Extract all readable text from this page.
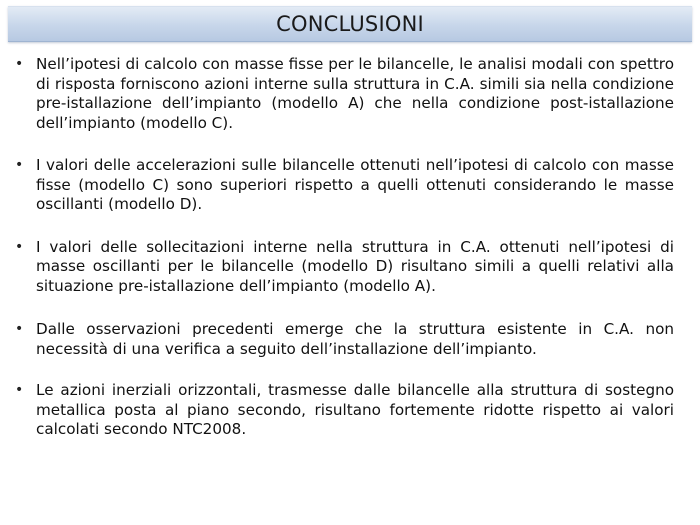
CONCLUSIONI
• Nell’ipotesi di calcolo con masse fisse per le bilancelle, le analisi modali con spettro di risposta forniscono azioni interne sulla struttura in C.A. simili sia nella condizione pre-istallazione dell’impianto (modello A) che nella condizione post-istallazione dell’impianto (modello C).
• I valori delle accelerazioni sulle bilancelle ottenuti nell’ipotesi di calcolo con masse fisse (modello C) sono superiori rispetto a quelli ottenuti considerando le masse oscillanti (modello D).
• I valori delle sollecitazioni interne nella struttura in C.A. ottenuti nell’ipotesi di masse oscillanti per le bilancelle (modello D) risultano simili a quelli relativi alla situazione pre-istallazione dell’impianto (modello A).
• Dalle osservazioni precedenti emerge che la struttura esistente in C.A. non necessità di una verifica a seguito dell’installazione dell’impianto.
• Le azioni inerziali orizzontali, trasmesse dalle bilancelle alla struttura di sostegno metallica posta al piano secondo, risultano fortemente ridotte rispetto ai valori calcolati secondo NTC2008.
